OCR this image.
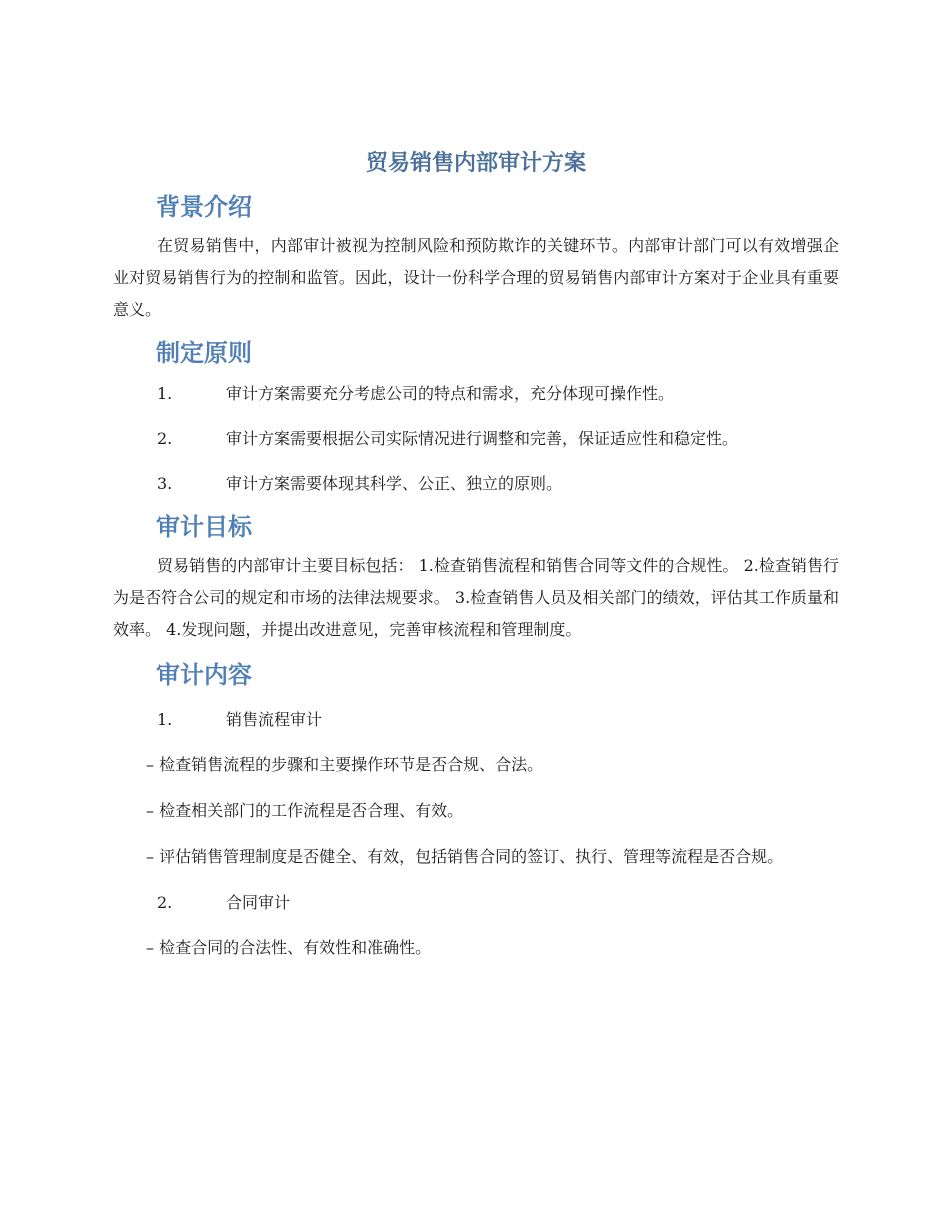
贸易销售内部审计方案
背景介绍

在贸易销售中，内部审计被视为控制风险和预防欺诈的关键环节。内部审计部门可以有效增强企业对贸易销售行为的控制和监管。因此，设计一份科学合理的贸易销售内部审计方案对于企业具有重要意义。

制定原则
1.	审计方案需要充分考虑公司的特点和需求，充分体现可操作性。
2.	审计方案需要根据公司实际情况进行调整和完善，保证适应性和稳定性。
3.	审计方案需要体现其科学、公正、独立的原则。
审计目标

贸易销售的内部审计主要目标包括： 1.检查销售流程和销售合同等文件的合规性。 2.检查销售行为是否符合公司的规定和市场的法律法规要求。 3.检查销售人员及相关部门的绩效，评估其工作质量和效率。 4.发现问题，并提出改进意见，完善审核流程和管理制度。

审计内容
1.	销售流程审计

– 检查销售流程的步骤和主要操作环节是否合规、合法。

– 检查相关部门的工作流程是否合理、有效。

– 评估销售管理制度是否健全、有效，包括销售合同的签订、执行、管理等流程是否合规。

2.	合同审计

– 检查合同的合法性、有效性和准确性。
